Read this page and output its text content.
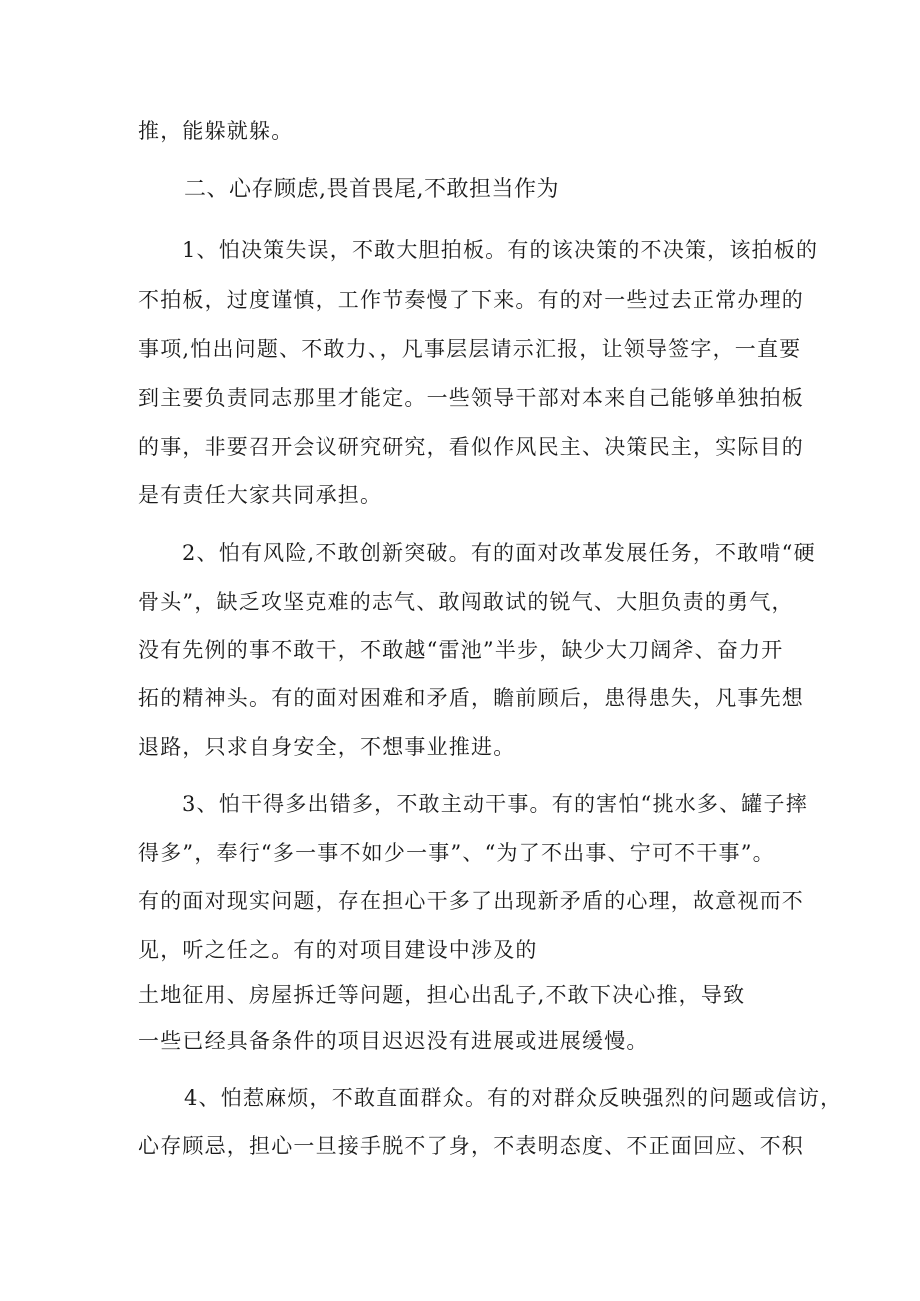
推，能躲就躲。
二、心存顾虑,畏首畏尾,不敢担当作为
1、怕决策失误，不敢大胆拍板。有的该决策的不决策，该拍板的
不拍板，过度谨慎，工作节奏慢了下来。有的对一些过去正常办理的
事项,怕出问题、不敢力、，凡事层层请示汇报，让领导签字，一直要
到主要负责同志那里才能定。一些领导干部对本来自己能够单独拍板
的事，非要召开会议研究研究，看似作风民主、决策民主，实际目的
是有责任大家共同承担。
2、怕有风险,不敢创新突破。有的面对改革发展任务，不敢啃“硬
骨头”，缺乏攻坚克难的志气、敢闯敢试的锐气、大胆负责的勇气，
没有先例的事不敢干，不敢越“雷池”半步，缺少大刀阔斧、奋力开
拓的精神头。有的面对困难和矛盾，瞻前顾后，患得患失，凡事先想
退路，只求自身安全，不想事业推进。
3、怕干得多出错多，不敢主动干事。有的害怕“挑水多、罐子摔
得多”，奉行“多一事不如少一事”、“为了不出事、宁可不干事”。
有的面对现实问题，存在担心干多了出现新矛盾的心理，故意视而不
见，听之任之。有的对项目建设中涉及的
土地征用、房屋拆迁等问题，担心出乱子,不敢下决心推，导致
一些已经具备条件的项目迟迟没有进展或进展缓慢。
4、怕惹麻烦，不敢直面群众。有的对群众反映强烈的问题或信访，
心存顾忌，担心一旦接手脱不了身，不表明态度、不正面回应、不积
